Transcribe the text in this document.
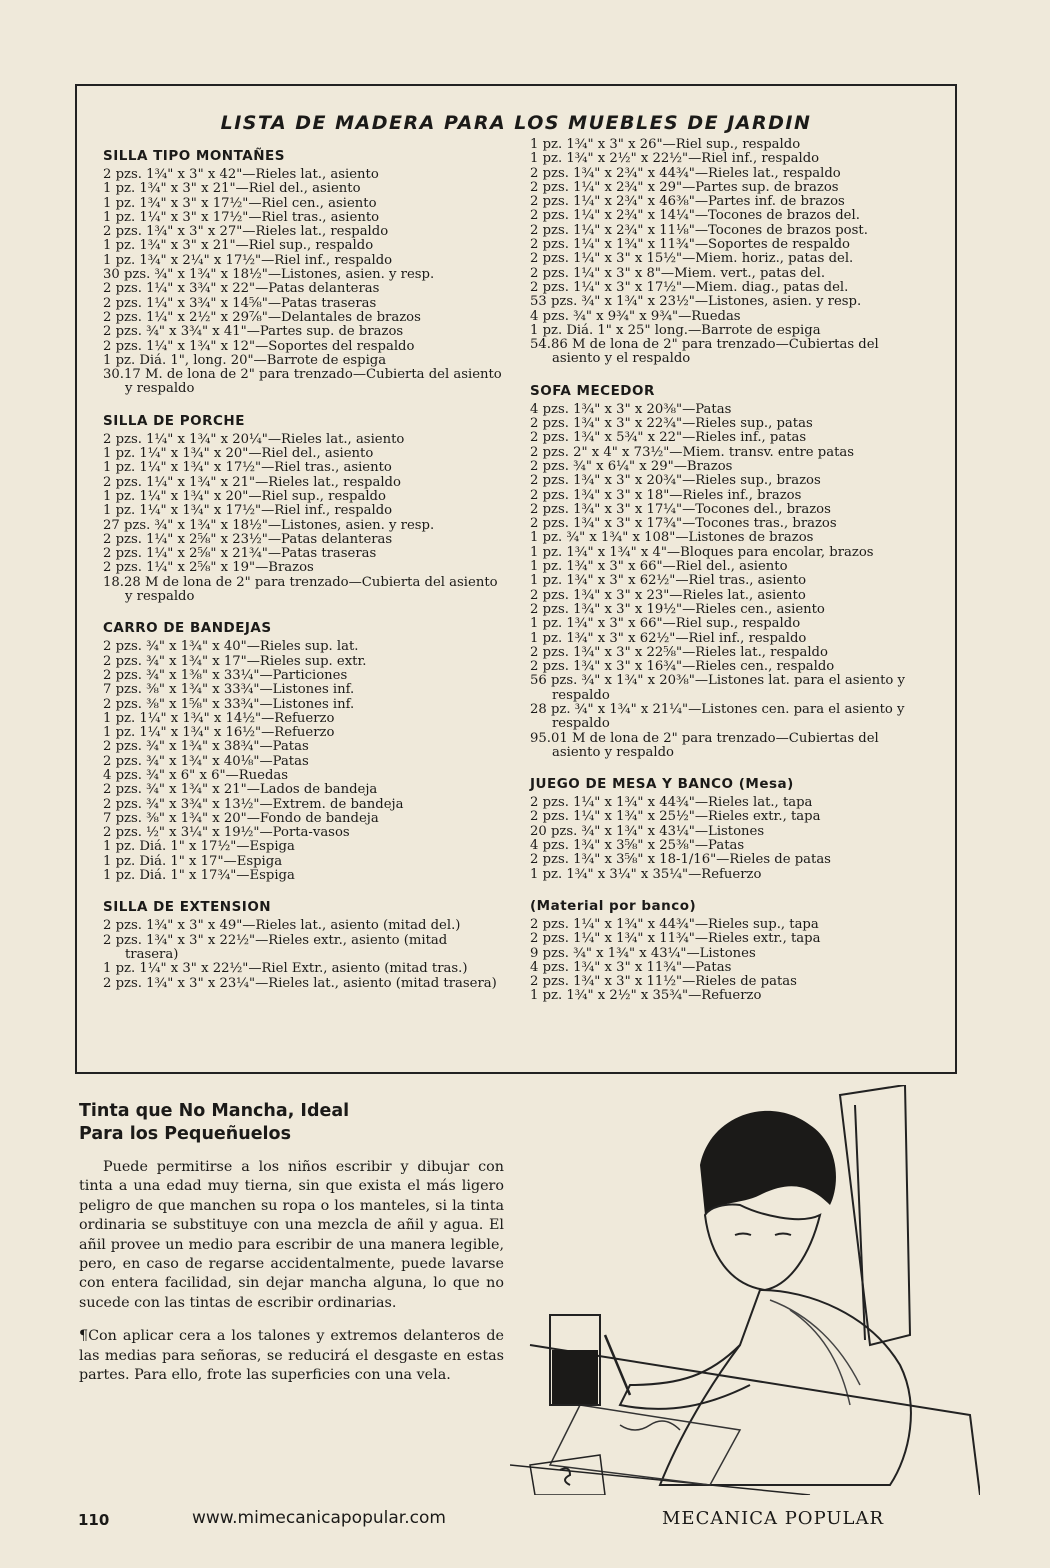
LISTA DE MADERA PARA LOS MUEBLES DE JARDIN
SILLA TIPO MONTAÑES
2 pzs. 1¾" x 3" x 42"—Rieles lat., asiento
1 pz. 1¾" x 3" x 21"—Riel del., asiento
1 pz. 1¾" x 3" x 17½"—Riel cen., asiento
1 pz. 1¼" x 3" x 17½"—Riel tras., asiento
2 pzs. 1¾" x 3" x 27"—Rieles lat., respaldo
1 pz. 1¾" x 3" x 21"—Riel sup., respaldo
1 pz. 1¾" x 2¼" x 17½"—Riel inf., respaldo
30 pzs. ¾" x 1¾" x 18½"—Listones, asien. y resp.
2 pzs. 1¼" x 3¾" x 22"—Patas delanteras
2 pzs. 1¼" x 3¾" x 14⅝"—Patas traseras
2 pzs. 1¼" x 2½" x 29⅞"—Delantales de brazos
2 pzs. ¾" x 3¾" x 41"—Partes sup. de brazos
2 pzs. 1¼" x 1¾" x 12"—Soportes del respaldo
1 pz. Diá. 1", long. 20"—Barrote de espiga
30.17 M. de lona de 2" para trenzado—Cubierta del asiento y respaldo
SILLA DE PORCHE
2 pzs. 1¼" x 1¾" x 20¼"—Rieles lat., asiento
1 pz. 1¼" x 1¾" x 20"—Riel del., asiento
1 pz. 1¼" x 1¾" x 17½"—Riel tras., asiento
2 pzs. 1¼" x 1¾" x 21"—Rieles lat., respaldo
1 pz. 1¼" x 1¾" x 20"—Riel sup., respaldo
1 pz. 1¼" x 1¾" x 17½"—Riel inf., respaldo
27 pzs. ¾" x 1¾" x 18½"—Listones, asien. y resp.
2 pzs. 1¼" x 2⅝" x 23½"—Patas delanteras
2 pzs. 1¼" x 2⅝" x 21¾"—Patas traseras
2 pzs. 1¼" x 2⅝" x 19"—Brazos
18.28 M de lona de 2" para trenzado—Cubierta del asiento y respaldo
CARRO DE BANDEJAS
2 pzs. ¾" x 1¾" x 40"—Rieles sup. lat.
2 pzs. ¾" x 1¾" x 17"—Rieles sup. extr.
2 pzs. ¾" x 1⅜" x 33¼"—Particiones
7 pzs. ⅜" x 1¾" x 33¾"—Listones inf.
2 pzs. ⅜" x 1⅝" x 33¾"—Listones inf.
1 pz. 1¼" x 1¾" x 14½"—Refuerzo
1 pz. 1¼" x 1¾" x 16½"—Refuerzo
2 pzs. ¾" x 1¾" x 38¾"—Patas
2 pzs. ¾" x 1¾" x 40⅛"—Patas
4 pzs. ¾" x 6" x 6"—Ruedas
2 pzs. ¾" x 1¾" x 21"—Lados de bandeja
2 pzs. ¾" x 3¾" x 13½"—Extrem. de bandeja
7 pzs. ⅜" x 1¾" x 20"—Fondo de bandeja
2 pzs. ½" x 3¼" x 19½"—Porta-vasos
1 pz. Diá. 1" x 17½"—Espiga
1 pz. Diá. 1" x 17"—Espiga
1 pz. Diá. 1" x 17¾"—Espiga
SILLA DE EXTENSION
2 pzs. 1¾" x 3" x 49"—Rieles lat., asiento (mitad del.)
2 pzs. 1¾" x 3" x 22½"—Rieles extr., asiento (mitad trasera)
1 pz. 1¼" x 3" x 22½"—Riel Extr., asiento (mitad tras.)
2 pzs. 1¾" x 3" x 23¼"—Rieles lat., asiento (mitad trasera)
1 pz. 1¾" x 3" x 26"—Riel sup., respaldo
1 pz. 1¾" x 2½" x 22½"—Riel inf., respaldo
2 pzs. 1¾" x 2¾" x 44¾"—Rieles lat., respaldo
2 pzs. 1¼" x 2¾" x 29"—Partes sup. de brazos
2 pzs. 1¼" x 2¾" x 46⅜"—Partes inf. de brazos
2 pzs. 1¼" x 2¾" x 14¼"—Tocones de brazos del.
2 pzs. 1¼" x 2¾" x 11⅛"—Tocones de brazos post.
2 pzs. 1¼" x 1¾" x 11¾"—Soportes de respaldo
2 pzs. 1¼" x 3" x 15½"—Miem. horiz., patas del.
2 pzs. 1¼" x 3" x 8"—Miem. vert., patas del.
2 pzs. 1¼" x 3" x 17½"—Miem. diag., patas del.
53 pzs. ¾" x 1¾" x 23½"—Listones, asien. y resp.
4 pzs. ¾" x 9¾" x 9¾"—Ruedas
1 pz. Diá. 1" x 25" long.—Barrote de espiga
54.86 M de lona de 2" para trenzado—Cubiertas del asiento y el respaldo
SOFA MECEDOR
4 pzs. 1¾" x 3" x 20⅜"—Patas
2 pzs. 1¾" x 3" x 22¾"—Rieles sup., patas
2 pzs. 1¾" x 5¾" x 22"—Rieles inf., patas
2 pzs. 2" x 4" x 73½"—Miem. transv. entre patas
2 pzs. ¾" x 6¼" x 29"—Brazos
2 pzs. 1¾" x 3" x 20¾"—Rieles sup., brazos
2 pzs. 1¾" x 3" x 18"—Rieles inf., brazos
2 pzs. 1¾" x 3" x 17¼"—Tocones del., brazos
2 pzs. 1¾" x 3" x 17¾"—Tocones tras., brazos
1 pz. ¾" x 1¾" x 108"—Listones de brazos
1 pz. 1¾" x 1¾" x 4"—Bloques para encolar, brazos
1 pz. 1¾" x 3" x 66"—Riel del., asiento
1 pz. 1¾" x 3" x 62½"—Riel tras., asiento
2 pzs. 1¾" x 3" x 23"—Rieles lat., asiento
2 pzs. 1¾" x 3" x 19½"—Rieles cen., asiento
1 pz. 1¾" x 3" x 66"—Riel sup., respaldo
1 pz. 1¾" x 3" x 62½"—Riel inf., respaldo
2 pzs. 1¾" x 3" x 22⅝"—Rieles lat., respaldo
2 pzs. 1¾" x 3" x 16¾"—Rieles cen., respaldo
56 pzs. ¾" x 1¾" x 20⅜"—Listones lat. para el asiento y respaldo
28 pz. ¾" x 1¾" x 21¼"—Listones cen. para el asiento y respaldo
95.01 M de lona de 2" para trenzado—Cubiertas del asiento y respaldo
JUEGO DE MESA Y BANCO (Mesa)
2 pzs. 1¼" x 1¾" x 44¾"—Rieles lat., tapa
2 pzs. 1¼" x 1¾" x 25½"—Rieles extr., tapa
20 pzs. ¾" x 1¾" x 43¼"—Listones
4 pzs. 1¾" x 3⅝" x 25⅜"—Patas
2 pzs. 1¾" x 3⅝" x 18-1/16"—Rieles de patas
1 pz. 1¾" x 3¼" x 35¼"—Refuerzo
(Material por banco)
2 pzs. 1¼" x 1¾" x 44¾"—Rieles sup., tapa
2 pzs. 1¼" x 1¾" x 11¾"—Rieles extr., tapa
9 pzs. ¾" x 1¾" x 43¼"—Listones
4 pzs. 1¾" x 3" x 11¾"—Patas
2 pzs. 1¾" x 3" x 11½"—Rieles de patas
1 pz. 1¾" x 2½" x 35¾"—Refuerzo
Tinta que No Mancha, Ideal
Para los Pequeñuelos

Puede permitirse a los niños escribir y dibujar con tinta a una edad muy tierna, sin que exista el más ligero peligro de que manchen su ropa o los manteles, si la tinta ordinaria se substituye con una mezcla de añil y agua. El añil provee un medio para escribir de una manera legible, pero, en caso de regarse accidentalmente, puede lavarse con entera facilidad, sin dejar mancha alguna, lo que no sucede con las tintas de escribir ordinarias.

¶Con aplicar cera a los talones y extremos delanteros de las medias para señoras, se reducirá el desgaste en estas partes. Para ello, frote las superficies con una vela.

110	www.mimecanicapopular.com	MECANICA POPULAR
